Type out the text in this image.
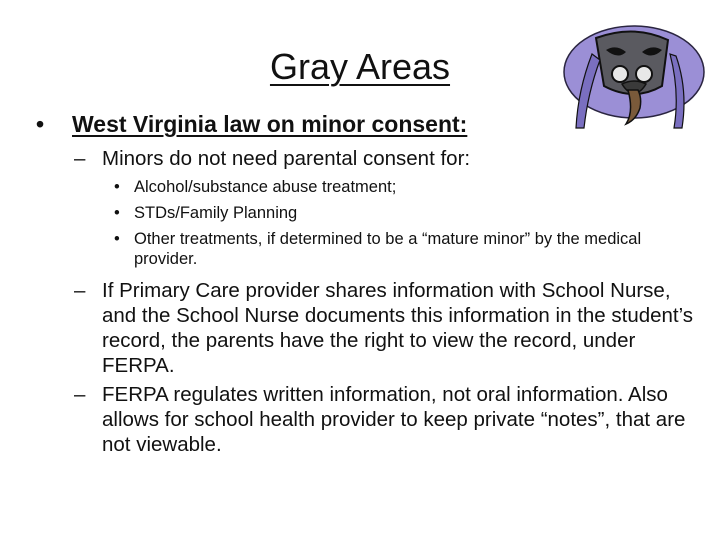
Gray Areas
• West Virginia law on minor consent:
– Minors do not need parental consent for:
• Alcohol/substance abuse treatment;
• STDs/Family Planning
• Other treatments, if determined to be a “mature minor” by the medical provider.
– If Primary Care provider shares information with School Nurse, and the School Nurse documents this information in the student’s record, the parents have the right to view the record, under FERPA.
– FERPA regulates written information, not oral information. Also allows for school health provider to keep private “notes”, that are not viewable.
